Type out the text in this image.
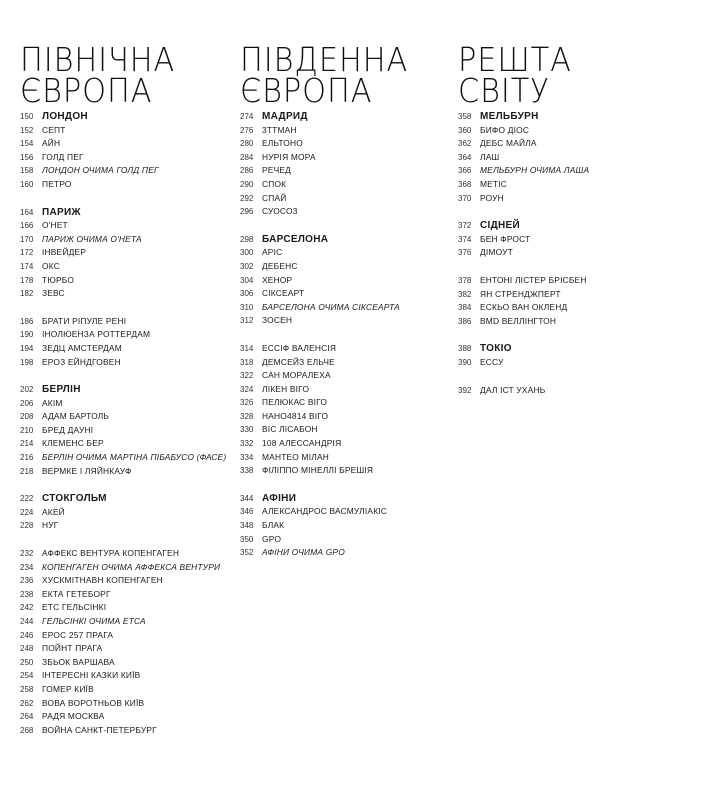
ПІВНІЧНА
ЄВРОПА
150 ЛОНДОН
152	СЕПТ
154	АЙН
156	ГОЛД ПЕГ
158	ЛОНДОН ОЧИМА ГОЛД ПЕГ
160	ПЕТРО
164 ПАРИЖ
166	О'НЕТ
170	ПАРИЖ ОЧИМА О'НЕТА
172	ІНВЕЙДЕР
174	ОКС
178	ТЮРБО
182	ЗЕВС
186	БРАТИ РІПУЛЕ РЕНІ
190	ІНОЛЮЕНЗА РОТТЕРДАМ
194	ЗЕДЦ АМСТЕРДАМ
198	ЕРОЗ ЕЙНДГОВЕН
202 БЕРЛІН
206	АКІМ
208	АДАМ БАРТОЛЬ
210	БРЕД ДАУНІ
214	КЛЕМЕНС БЕР
216	БЕРЛІН ОЧИМА МАРТІНА ПІБАБУСО (ФАСЕ)
218	ВЕРМКЕ І ЛЯЙНКАУФ
222 СТОКГОЛЬМ
224	АКЕЙ
228	НУГ
232	АФФЕКС ВЕНТУРА КОПЕНГАГЕН
234	КОПЕНГАГЕН ОЧИМА АФФЕКСА ВЕНТУРИ
236	ХУСКМІТНАВН КОПЕНГАГЕН
238	ЕКТА ГЕТЕБОРГ
242	ЕТС ГЕЛЬСІНКІ
244	ГЕЛЬСІНКІ ОЧИМА ЕТСА
246	ЕРОС 257 ПРАГА
248	ПОЙНТ ПРАГА
250	ЗБЬОК ВАРШАВА
254	ІНТЕРЕСНІ КАЗКИ КИЇВ
258	ГОМЕР КИЇВ
262	ВОВА ВОРОТНЬОВ КИЇВ
264	РАДЯ МОСКВА
268	ВОЙНА САНКТ-ПЕТЕРБУРГ
ПІВДЕННА
ЄВРОПА
274 МАДРИД
276	3ТТМАН
280	ЕЛЬТОНО
284	НУРІЯ МОРА
286	РЕЧЕД
290	СПОК
292	СПАЙ
296	СУОСО3
298 БАРСЕЛОНА
300	АРІС
302	ДЕБЕНС
304	ХЕНОР
306	СІКСЕАРТ
310	БАРСЕЛОНА ОЧИМА СІКСЕАРТА
312	ЗОСЕН
314	ЕССІФ ВАЛЕНСІЯ
318	ДЕМСЕЙЗ ЕЛЬЧЕ
322	САН МОРАЛЕХА
324	ЛІКЕН ВІГО
326	ПЕЛЮКАС ВІГО
328	НАНО4814 ВІГО
330	ВІС ЛІСАБОН
332	108 АЛЕССАНДРІЯ
334	МАНТЕО МІЛАН
338	ФІЛІППО МІНЕЛЛІ БРЕШІЯ
344 АФІНИ
346	АЛЕКСАНДРОС ВАСМУЛІАКІС
348	БЛАК
350	GPO
352	АФІНИ ОЧИМА GPO
РЕШТА
СВІТУ
358 МЕЛЬБУРН
360	БИФО ДІОС
362	ДЕБС МАЙЛА
364	ЛАШ
366	МЕЛЬБУРН ОЧИМА ЛАША
368	МЕТІС
370	РОУН
372 СІДНЕЙ
374	БЕН ФРОСТ
376	ДІМОУТ
378	ЕНТОНІ ЛІСТЕР БРІСБЕН
382	ЯН СТРЕНДЖПЕРТ
384	ЕСКЬО ВАН ОКЛЕНД
386	BMD ВЕЛЛІНГТОН
388 ТОКІО
390	ЕССУ
392	ДАЛ ІСТ УХАНЬ
